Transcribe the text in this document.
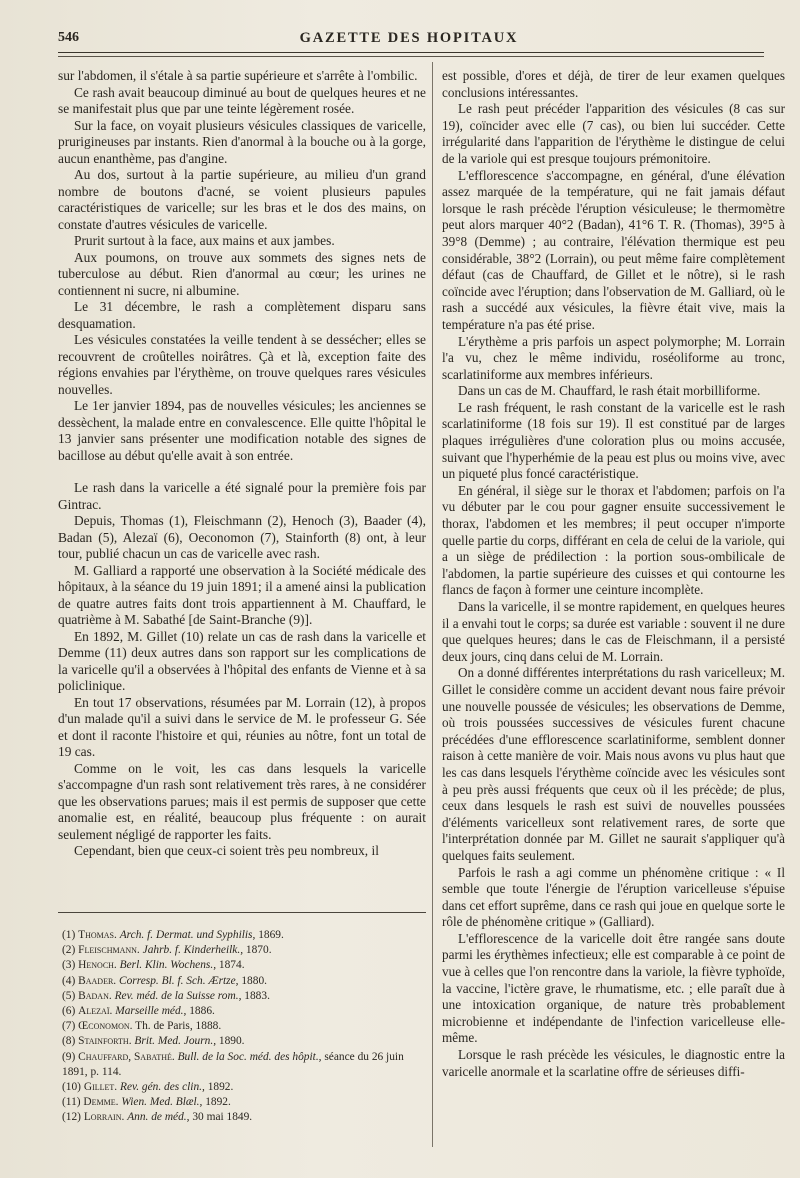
546	GAZETTE DES HOPITAUX

sur l'abdomen, il s'étale à sa partie supérieure et s'arrête à l'ombilic.

Ce rash avait beaucoup diminué au bout de quelques heures et ne se manifestait plus que par une teinte légèrement rosée.

Sur la face, on voyait plusieurs vésicules classiques de varicelle, prurigineuses par instants. Rien d'anormal à la bouche ou à la gorge, aucun enanthème, pas d'angine.

Au dos, surtout à la partie supérieure, au milieu d'un grand nombre de boutons d'acné, se voient plusieurs papules caractéristiques de varicelle; sur les bras et le dos des mains, on constate d'autres vésicules de varicelle.

Prurit surtout à la face, aux mains et aux jambes.

Aux poumons, on trouve aux sommets des signes nets de tuberculose au début. Rien d'anormal au cœur; les urines ne contiennent ni sucre, ni albumine.

Le 31 décembre, le rash a complètement disparu sans desquamation.

Les vésicules constatées la veille tendent à se dessécher; elles se recouvrent de croûtelles noirâtres. Çà et là, exception faite des régions envahies par l'érythème, on trouve quelques rares vésicules nouvelles.

Le 1er janvier 1894, pas de nouvelles vésicules; les anciennes se dessèchent, la malade entre en convalescence. Elle quitte l'hôpital le 13 janvier sans présenter une modification notable des signes de bacillose au début qu'elle avait à son entrée.

Le rash dans la varicelle a été signalé pour la première fois par Gintrac.

Depuis, Thomas (1), Fleischmann (2), Henoch (3), Baader (4), Badan (5), Alezaï (6), Oeconomon (7), Stainforth (8) ont, à leur tour, publié chacun un cas de varicelle avec rash.

M. Galliard a rapporté une observation à la Société médicale des hôpitaux, à la séance du 19 juin 1891; il a amené ainsi la publication de quatre autres faits dont trois appartiennent à M. Chauffard, le quatrième à M. Sabathé [de Saint-Branche (9)].

En 1892, M. Gillet (10) relate un cas de rash dans la varicelle et Demme (11) deux autres dans son rapport sur les complications de la varicelle qu'il a observées à l'hôpital des enfants de Vienne et à sa policlinique.

En tout 17 observations, résumées par M. Lorrain (12), à propos d'un malade qu'il a suivi dans le service de M. le professeur G. Sée et dont il raconte l'histoire et qui, réunies au nôtre, font un total de 19 cas.

Comme on le voit, les cas dans lesquels la varicelle s'accompagne d'un rash sont relativement très rares, à ne considérer que les observations parues; mais il est permis de supposer que cette anomalie est, en réalité, beaucoup plus fréquente : on aurait seulement négligé de rapporter les faits.

Cependant, bien que ceux-ci soient très peu nombreux, il

(1) Thomas. Arch. f. Dermat. und Syphilis, 1869.

(2) Fleischmann. Jahrb. f. Kinderheilk., 1870.

(3) Henoch. Berl. Klin. Wochens., 1874.

(4) Baader. Corresp. Bl. f. Sch. Ærtze, 1880.

(5) Badan. Rev. méd. de la Suisse rom., 1883.

(6) Alezaï. Marseille méd., 1886.

(7) Œconomon. Th. de Paris, 1888.

(8) Stainforth. Brit. Med. Journ., 1890.

(9) Chauffard, Sabathé. Bull. de la Soc. méd. des hôpit., séance du 26 juin 1891, p. 114.

(10) Gillet. Rev. gén. des clin., 1892.

(11) Demme. Wien. Med. Blæl., 1892.

(12) Lorrain. Ann. de méd., 30 mai 1849.

est possible, d'ores et déjà, de tirer de leur examen quelques conclusions intéressantes.

Le rash peut précéder l'apparition des vésicules (8 cas sur 19), coïncider avec elle (7 cas), ou bien lui succéder. Cette irrégularité dans l'apparition de l'érythème le distingue de celui de la variole qui est presque toujours prémonitoire.

L'efflorescence s'accompagne, en général, d'une élévation assez marquée de la température, qui ne fait jamais défaut lorsque le rash précède l'éruption vésiculeuse; le thermomètre peut alors marquer 40°2 (Badan), 41°6 T. R. (Thomas), 39°5 à 39°8 (Demme) ; au contraire, l'élévation thermique est peu considérable, 38°2 (Lorrain), ou peut même faire complètement défaut (cas de Chauffard, de Gillet et le nôtre), si le rash coïncide avec l'éruption; dans l'observation de M. Galliard, où le rash a succédé aux vésicules, la fièvre était vive, mais la température n'a pas été prise.

L'érythème a pris parfois un aspect polymorphe; M. Lorrain l'a vu, chez le même individu, roséoliforme au tronc, scarlatiniforme aux membres inférieurs.

Dans un cas de M. Chauffard, le rash était morbilliforme.

Le rash fréquent, le rash constant de la varicelle est le rash scarlatiniforme (18 fois sur 19). Il est constitué par de larges plaques irrégulières d'une coloration plus ou moins accusée, suivant que l'hyperhémie de la peau est plus ou moins vive, avec un piqueté plus foncé caractéristique.

En général, il siège sur le thorax et l'abdomen; parfois on l'a vu débuter par le cou pour gagner ensuite successivement le thorax, l'abdomen et les membres; il peut occuper n'importe quelle partie du corps, différant en cela de celui de la variole, qui a un siège de prédilection : la portion sous-ombilicale de l'abdomen, la partie supérieure des cuisses et qui contourne les flancs de façon à former une ceinture incomplète.

Dans la varicelle, il se montre rapidement, en quelques heures il a envahi tout le corps; sa durée est variable : souvent il ne dure que quelques heures; dans le cas de Fleischmann, il a persisté deux jours, cinq dans celui de M. Lorrain.

On a donné différentes interprétations du rash varicelleux; M. Gillet le considère comme un accident devant nous faire prévoir une nouvelle poussée de vésicules; les observations de Demme, où trois poussées successives de vésicules furent chacune précédées d'une efflorescence scarlatiniforme, semblent donner raison à cette manière de voir. Mais nous avons vu plus haut que les cas dans lesquels l'érythème coïncide avec les vésicules sont à peu près aussi fréquents que ceux où il les précède; de plus, ceux dans lesquels le rash est suivi de nouvelles poussées d'éléments varicelleux sont relativement rares, de sorte que l'interprétation donnée par M. Gillet ne saurait s'appliquer qu'à quelques faits seulement.

Parfois le rash a agi comme un phénomène critique : « Il semble que toute l'énergie de l'éruption varicelleuse s'épuise dans cet effort suprême, dans ce rash qui joue en quelque sorte le rôle de phénomène critique » (Galliard).

L'efflorescence de la varicelle doit être rangée sans doute parmi les érythèmes infectieux; elle est comparable à ce point de vue à celles que l'on rencontre dans la variole, la fièvre typhoïde, la vaccine, l'ictère grave, le rhumatisme, etc. ; elle paraît due à une intoxication organique, de nature très probablement microbienne et indépendante de l'infection varicelleuse elle-même.

Lorsque le rash précède les vésicules, le diagnostic entre la varicelle anormale et la scarlatine offre de sérieuses diffi-
